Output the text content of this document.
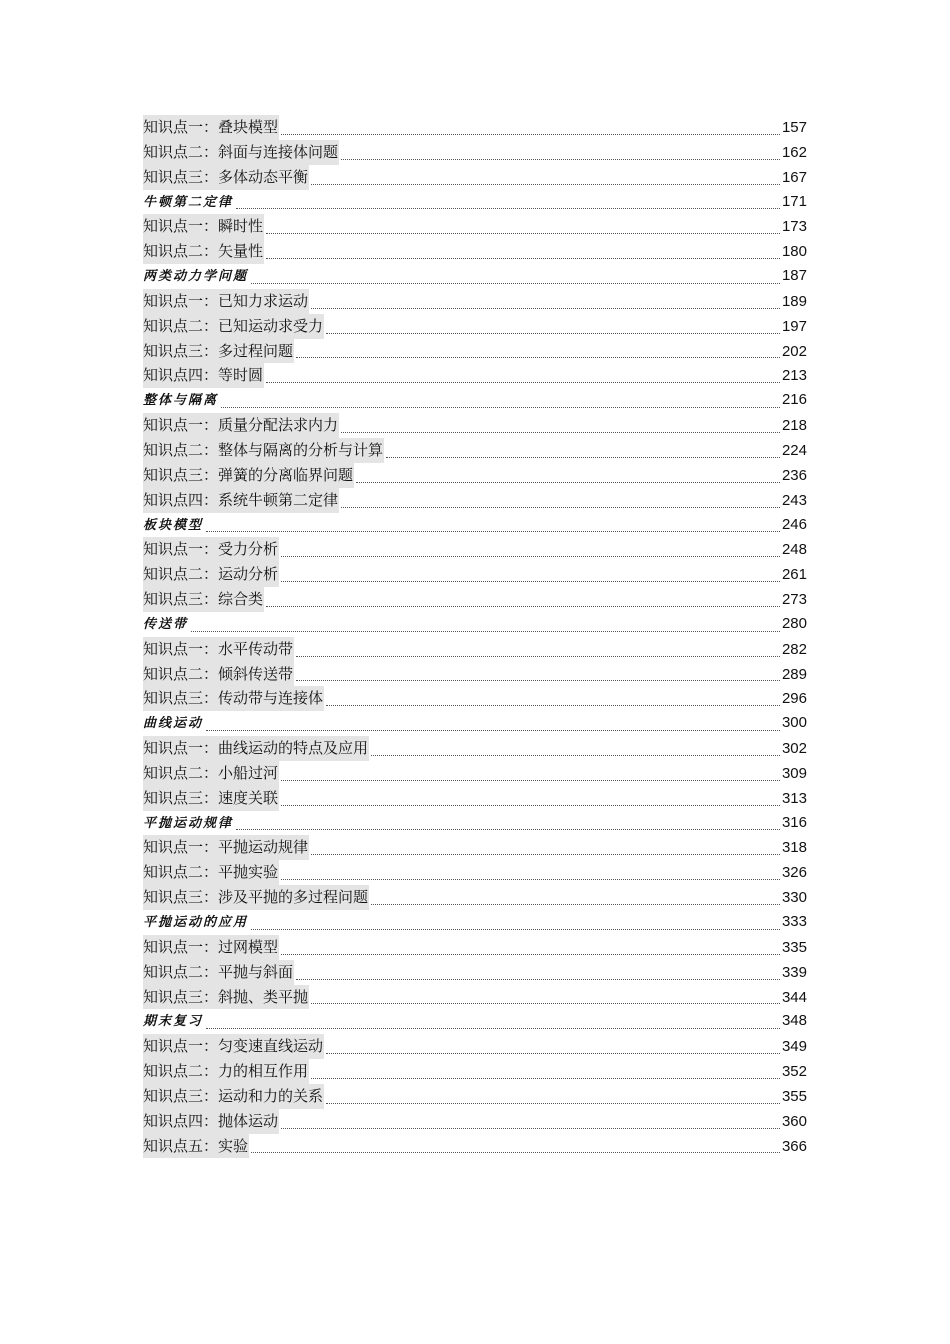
知识点一：叠块模型	157
知识点二：斜面与连接体问题	162
知识点三：多体动态平衡	167
牛顿第二定律	171
知识点一：瞬时性	173
知识点二：矢量性	180
两类动力学问题	187
知识点一：已知力求运动	189
知识点二：已知运动求受力	197
知识点三：多过程问题	202
知识点四：等时圆	213
整体与隔离	216
知识点一：质量分配法求内力	218
知识点二：整体与隔离的分析与计算	224
知识点三：弹簧的分离临界问题	236
知识点四：系统牛顿第二定律	243
板块模型	246
知识点一：受力分析	248
知识点二：运动分析	261
知识点三：综合类	273
传送带	280
知识点一：水平传动带	282
知识点二：倾斜传送带	289
知识点三：传动带与连接体	296
曲线运动	300
知识点一：曲线运动的特点及应用	302
知识点二：小船过河	309
知识点三：速度关联	313
平抛运动规律	316
知识点一：平抛运动规律	318
知识点二：平抛实验	326
知识点三：涉及平抛的多过程问题	330
平抛运动的应用	333
知识点一：过网模型	335
知识点二：平抛与斜面	339
知识点三：斜抛、类平抛	344
期末复习	348
知识点一：匀变速直线运动	349
知识点二：力的相互作用	352
知识点三：运动和力的关系	355
知识点四：抛体运动	360
知识点五：实验	366
